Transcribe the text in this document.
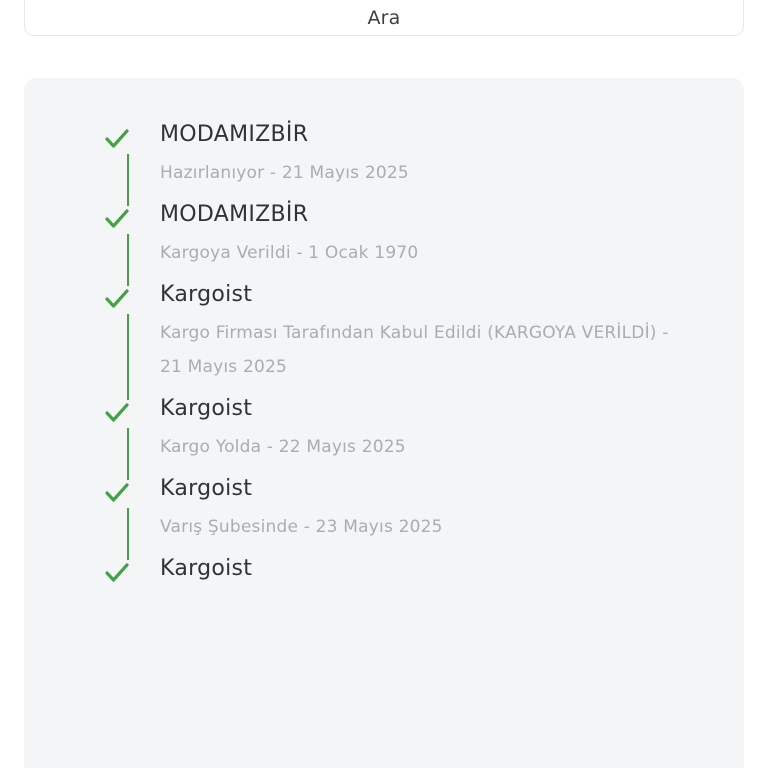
Ara
MODAMIZBİR
Hazırlanıyor - 21 Mayıs 2025
MODAMIZBİR
Kargoya Verildi - 1 Ocak 1970
Kargoist
Kargo Firması Tarafından Kabul Edildi (KARGOYA VERİLDİ) - 21 Mayıs 2025
Kargoist
Kargo Yolda - 22 Mayıs 2025
Kargoist
Varış Şubesinde - 23 Mayıs 2025
Kargoist
